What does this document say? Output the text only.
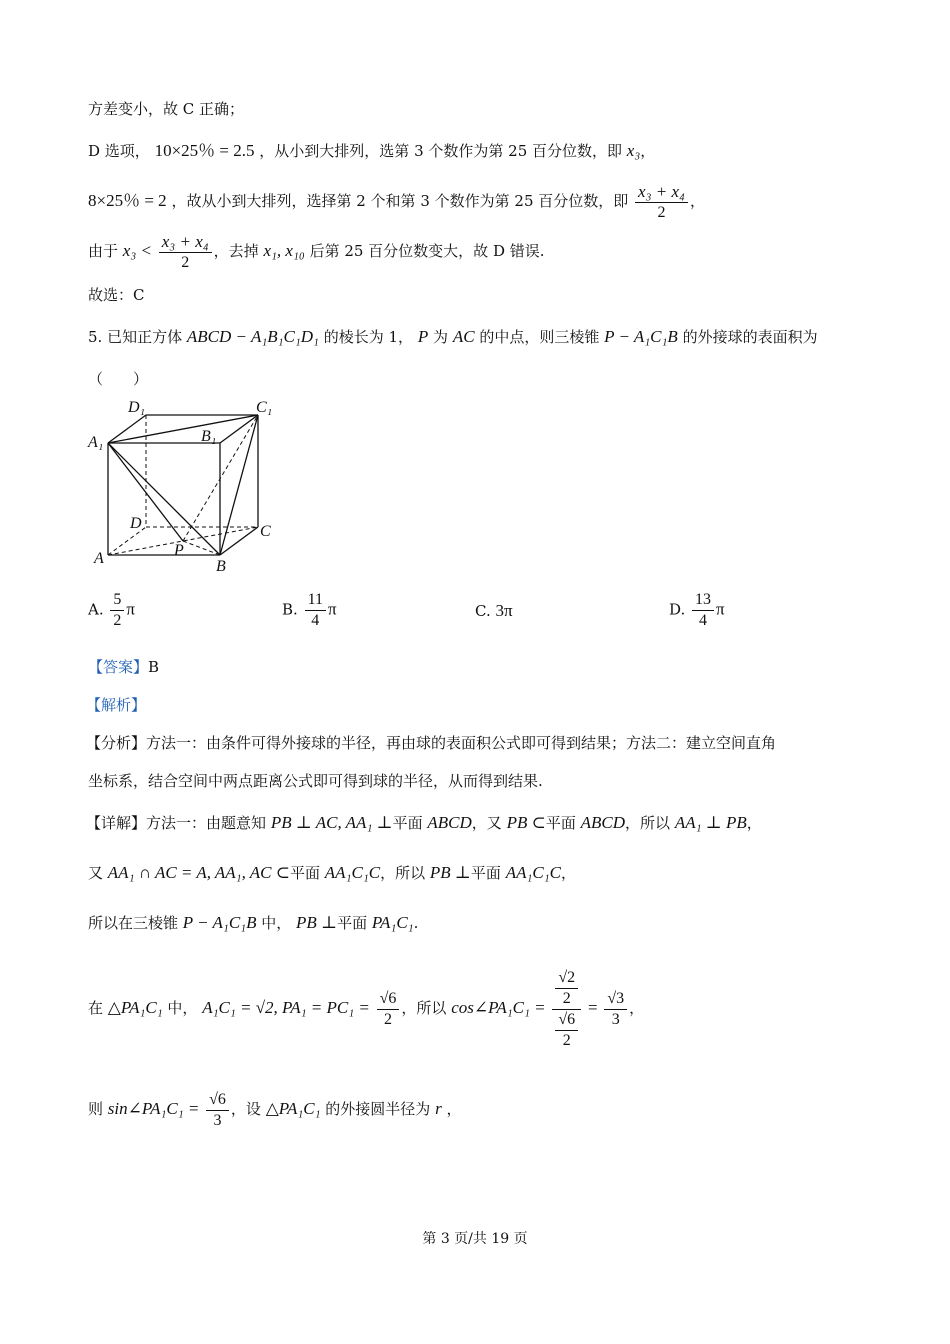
方差变小，故 C 正确；
D 选项， 10×25％ = 2.5 ，从小到大排列，选第 3 个数作为第 25 百分位数，即 x₃，
8×25％ = 2 ，故从小到大排列，选择第 2 个和第 3 个数作为第 25 百分位数，即 $\frac{\text{x₃ + x₄}}{2}$ ，
由于 $x_3 < \frac{\text{x₃ + x₄}}{2}$ ，去掉 x₁, x₁₀ 后第 25 百分位数变大，故 D 错误.
故选：C
5. 已知正方体 ABCD − A₁B₁C₁D₁ 的棱长为 1， P 为 AC 的中点，则三棱锥 P − A₁C₁B 的外接球的表面积为
（　　）
D₁	C₁
A₁	B₁
D	C
A	P
B
A. $\frac{5}{2}$ π	B. $\frac{11}{4}$ π	C. 3π	D. $\frac{13}{4}$ π
【答案】B
【解析】
【分析】方法一：由条件可得外接球的半径，再由球的表面积公式即可得到结果；方法二：建立空间直角
坐标系，结合空间中两点距离公式即可得到球的半径，从而得到结果.
【详解】方法一：由题意知 PB ⊥ AC, AA₁ ⊥平面 ABCD，又 PB ⊂平面 ABCD，所以 AA₁ ⊥ PB，
又 AA₁ ∩ AC = A, AA₁, AC ⊂平面 AA₁C₁C，所以 PB ⊥平面 AA₁C₁C，
所以在三棱锥 P − A₁C₁B 中， PB ⊥平面 PA₁C₁.
在 △PA₁C₁ 中， A₁C₁ = √2, $PA_1 = PC_1 = \frac{√6}{2}$ ，所以 cos∠PA₁C₁ = $\frac{\frac{√2}{2}}{\frac{√6}{2}} = \frac{√3}{3}$ ，
则 sin∠PA₁C₁ = $\frac{√6}{3}$ ，设 △PA₁C₁ 的外接圆半径为 r ，
第 3 页/共 19 页
